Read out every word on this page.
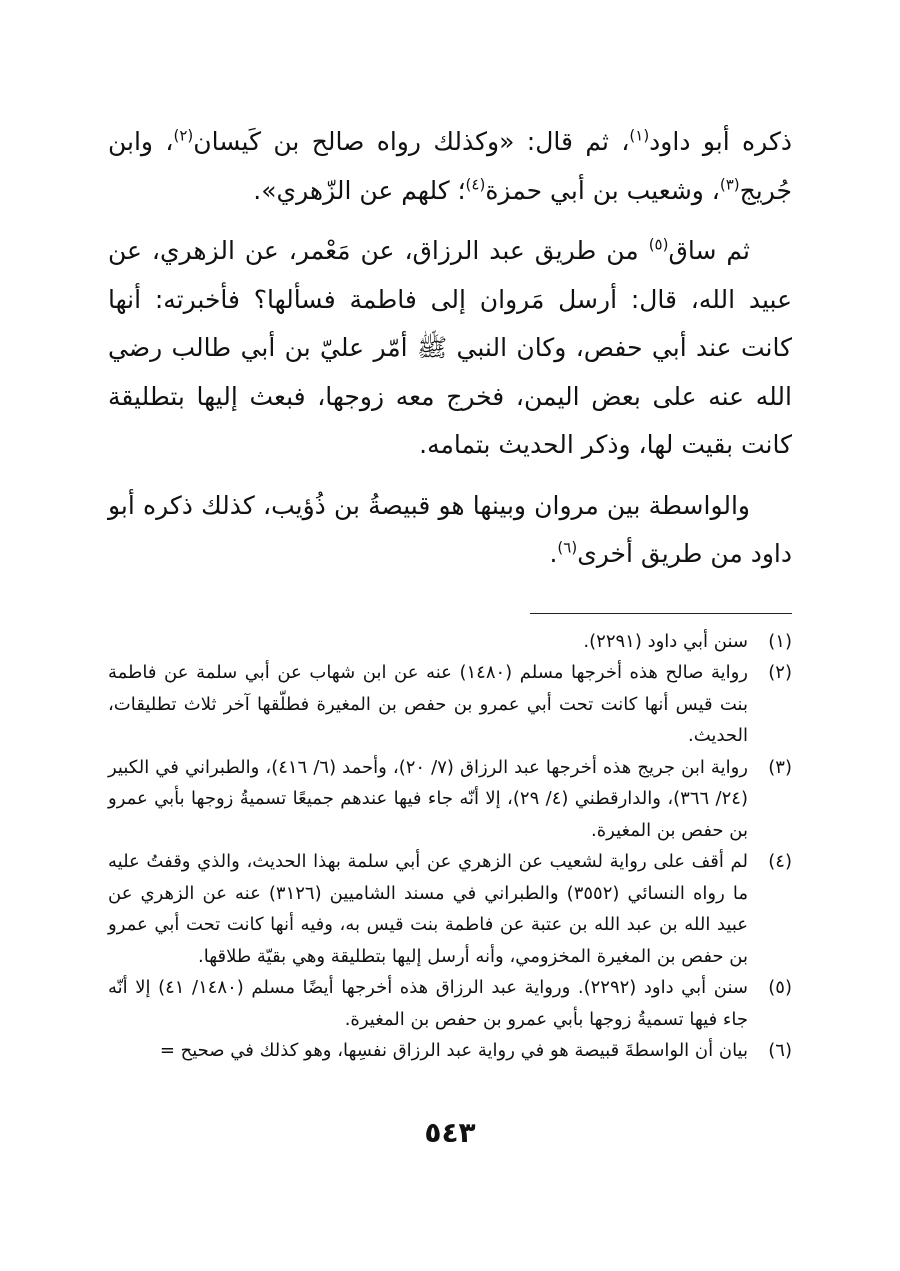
ذكره أبو داود$^{(١)}$، ثم قال: «وكذلك رواه صالح بن كَيسان$^{(٢)}$، وابن جُريج$^{(٣)}$، وشعيب بن أبي حمزة$^{(٤)}$؛ كلهم عن الزّهري».

ثم ساق$^{(٥)}$ من طريق عبد الرزاق، عن مَعْمر، عن الزهري، عن عبيد الله، قال: أرسل مَروان إلى فاطمة فسألها؟ فأخبرته: أنها كانت عند أبي حفص، وكان النبي ﷺ أمّر عليّ بن أبي طالب رضي الله عنه على بعض اليمن، فخرج معه زوجها، فبعث إليها بتطليقة كانت بقيت لها، وذكر الحديث بتمامه.

والواسطة بين مروان وبينها هو قبيصةُ بن ذُؤيب، كذلك ذكره أبو داود من طريق أخرى$^{(٦)}$.

(١)
سنن أبي داود (٢٢٩١).
(٢)
رواية صالح هذه أخرجها مسلم (١٤٨٠) عنه عن ابن شهاب عن أبي سلمة عن فاطمة بنت قيس أنها كانت تحت أبي عمرو بن حفص بن المغيرة فطلّقها آخر ثلاث تطليقات، الحديث.
(٣)
رواية ابن جريج هذه أخرجها عبد الرزاق (٧/ ٢٠)، وأحمد (٦/ ٤١٦)، والطبراني في الكبير (٢٤/ ٣٦٦)، والدارقطني (٤/ ٢٩)، إلا أنّه جاء فيها عندهم جميعًا تسميةُ زوجها بأبي عمرو بن حفص بن المغيرة.
(٤)
لم أقف على رواية لشعيب عن الزهري عن أبي سلمة بهذا الحديث، والذي وقفتُ عليه ما رواه النسائي (٣٥٥٢) والطبراني في مسند الشاميين (٣١٢٦) عنه عن الزهري عن عبيد الله بن عبد الله بن عتبة عن فاطمة بنت قيس به، وفيه أنها كانت تحت أبي عمرو بن حفص بن المغيرة المخزومي، وأنه أرسل إليها بتطليقة وهي بقيّة طلاقها.
(٥)
سنن أبي داود (٢٢٩٢). ورواية عبد الرزاق هذه أخرجها أيضًا مسلم (١٤٨٠/ ٤١) إلا أنّه جاء فيها تسميةُ زوجها بأبي عمرو بن حفص بن المغيرة.
(٦)
بيان أن الواسطةَ قبيصة هو في رواية عبد الرزاق نفسِها، وهو كذلك في صحيح =
٥٤٣
